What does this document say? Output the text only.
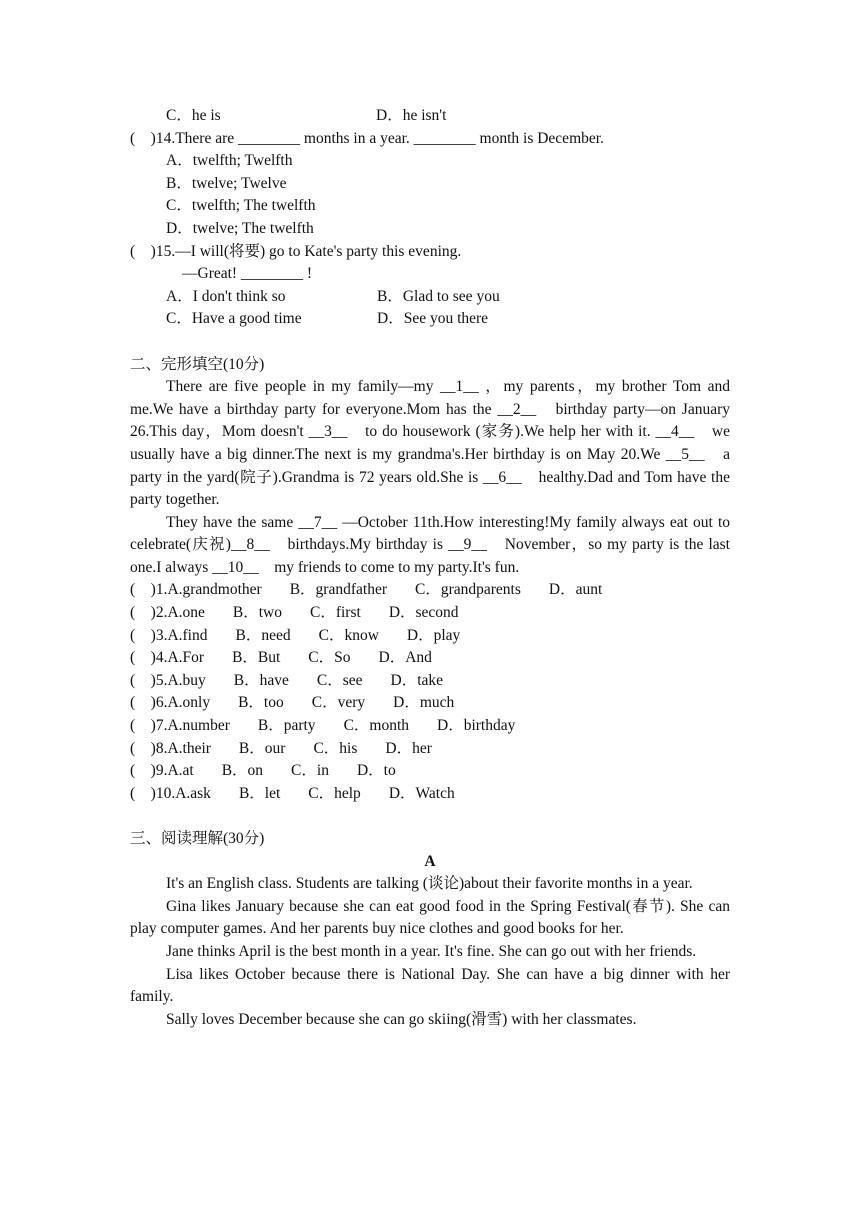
C．he is	D．he isn't
(　)14.There are ________ months in a year. ________ month is December.
A．twelfth; Twelfth
B．twelve; Twelve
C．twelfth; The twelfth
D．twelve; The twelfth
(　)15.—I will(将要) go to Kate's party this evening.
—Great! ________ !
A．I don't think so	B．Glad to see you
C．Have a good time	D．See you there
二、完形填空(10分)
There are five people in my family—my __1__ ，my parents，my brother Tom and me.We have a birthday party for everyone.Mom has the __2__　birthday party—on January 26.This day，Mom doesn't __3__　to do housework (家务).We help her with it. __4__　we usually have a big dinner.The next is my grandma's.Her birthday is on May 20.We __5__　a party in the yard(院子).Grandma is 72 years old.She is __6__　healthy.Dad and Tom have the party together.
They have the same __7__ —October 11th.How interesting!My family always eat out to celebrate(庆祝)__8__　birthdays.My birthday is __9__　November，so my party is the last one.I always __10__　my friends to come to my party.It's fun.
(　)1.A.grandmother B．grandfather C．grandparents D．aunt
(　)2.A.one B．two C．first D．second
(　)3.A.find B．need C．know D．play
(　)4.A.For B．But C．So D．And
(　)5.A.buy B．have C．see D．take
(　)6.A.only B．too C．very D．much
(　)7.A.number B．party C．month D．birthday
(　)8.A.their B．our C．his D．her
(　)9.A.at B．on C．in D．to
(　)10.A.ask B．let C．help D．Watch
三、阅读理解(30分)
A
It's an English class. Students are talking (谈论)about their favorite months in a year.
Gina likes January because she can eat good food in the Spring Festival(春节). She can play computer games. And her parents buy nice clothes and good books for her.
Jane thinks April is the best month in a year. It's fine. She can go out with her friends.
Lisa likes October because there is National Day. She can have a big dinner with her family.
Sally loves December because she can go skiing(滑雪) with her classmates.
